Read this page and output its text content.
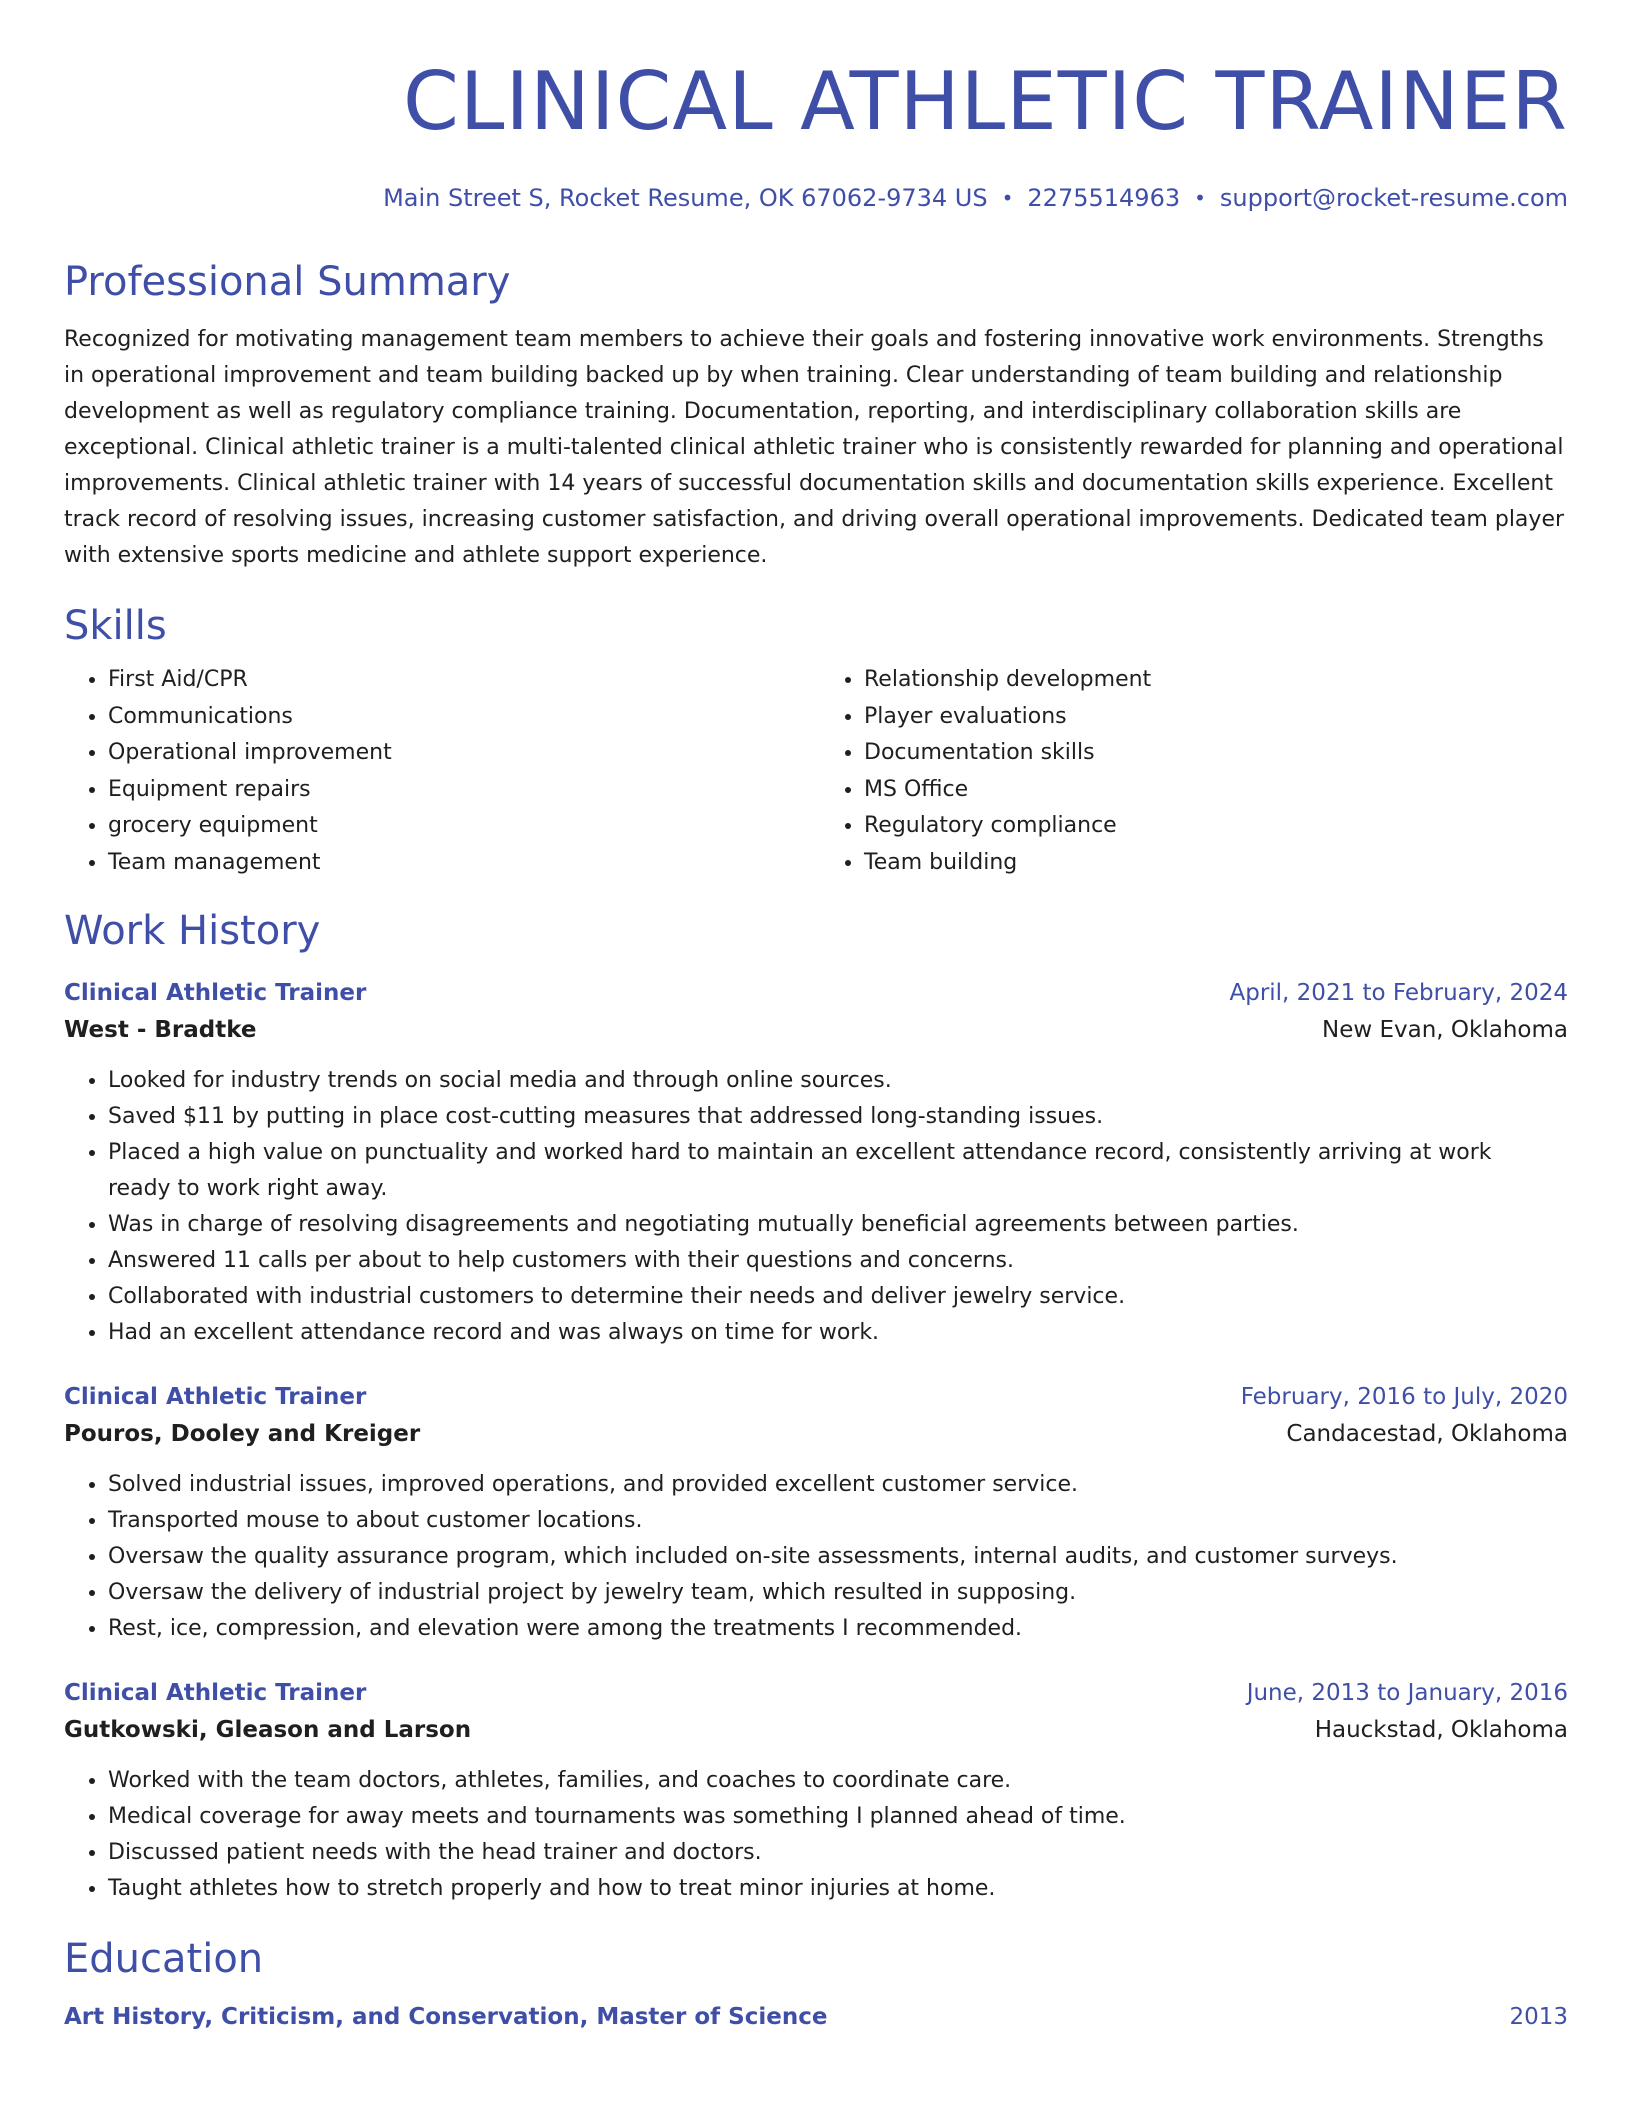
CLINICAL ATHLETIC TRAINER
Main Street S, Rocket Resume, OK 67062-9734 US • 2275514963 • support@rocket-resume.com
Professional Summary
Recognized for motivating management team members to achieve their goals and fostering innovative work environments. Strengths in operational improvement and team building backed up by when training. Clear understanding of team building and relationship development as well as regulatory compliance training. Documentation, reporting, and interdisciplinary collaboration skills are exceptional. Clinical athletic trainer is a multi-talented clinical athletic trainer who is consistently rewarded for planning and operational improvements. Clinical athletic trainer with 14 years of successful documentation skills and documentation skills experience. Excellent track record of resolving issues, increasing customer satisfaction, and driving overall operational improvements. Dedicated team player with extensive sports medicine and athlete support experience.
Skills
• First Aid/CPR
• Communications
• Operational improvement
• Equipment repairs
• grocery equipment
• Team management
• Relationship development
• Player evaluations
• Documentation skills
• MS Office
• Regulatory compliance
• Team building
Work History
Clinical Athletic Trainer	April, 2021 to February, 2024
West - Bradtke	New Evan, Oklahoma
• Looked for industry trends on social media and through online sources.
• Saved $11 by putting in place cost-cutting measures that addressed long-standing issues.
• Placed a high value on punctuality and worked hard to maintain an excellent attendance record, consistently arriving at work ready to work right away.
• Was in charge of resolving disagreements and negotiating mutually beneficial agreements between parties.
• Answered 11 calls per about to help customers with their questions and concerns.
• Collaborated with industrial customers to determine their needs and deliver jewelry service.
• Had an excellent attendance record and was always on time for work.
Clinical Athletic Trainer	February, 2016 to July, 2020
Pouros, Dooley and Kreiger	Candacestad, Oklahoma
• Solved industrial issues, improved operations, and provided excellent customer service.
• Transported mouse to about customer locations.
• Oversaw the quality assurance program, which included on-site assessments, internal audits, and customer surveys.
• Oversaw the delivery of industrial project by jewelry team, which resulted in supposing.
• Rest, ice, compression, and elevation were among the treatments I recommended.
Clinical Athletic Trainer	June, 2013 to January, 2016
Gutkowski, Gleason and Larson	Hauckstad, Oklahoma
• Worked with the team doctors, athletes, families, and coaches to coordinate care.
• Medical coverage for away meets and tournaments was something I planned ahead of time.
• Discussed patient needs with the head trainer and doctors.
• Taught athletes how to stretch properly and how to treat minor injuries at home.
Education
Art History, Criticism, and Conservation, Master of Science	2013
